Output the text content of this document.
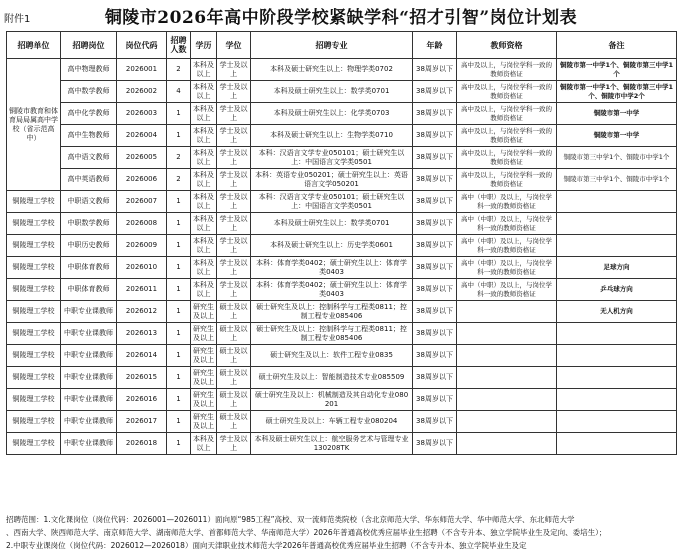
附件1	铜陵市2026年高中阶段学校紧缺学科“招才引智”岗位计划表
招聘单位	招聘岗位	岗位代码	招聘人数	学历	学位	招聘专业	年龄	教师资格	备注
铜陵市教育和体育局局属高中学校（省示范高中）	高中物理教师	2026001	2	本科及以上	学士及以上	本科及硕士研究生以上：物理学类0702	38周岁以下	高中及以上，与岗位学科一致的教师资格证	铜陵市第一中学1个、铜陵市第三中学1个
	高中数学教师	2026002	4	本科及以上	学士及以上	本科及硕士研究生以上：数学类0701	38周岁以下	高中及以上，与岗位学科一致的教师资格证	铜陵市第一中学1个、铜陵市第三中学1个、铜陵市中学2个
	高中化学教师	2026003	1	本科及以上	学士及以上	本科及硕士研究生以上：化学类0703	38周岁以下	高中及以上，与岗位学科一致的教师资格证	铜陵市第一中学
	高中生物教师	2026004	1	本科及以上	学士及以上	本科及硕士研究生以上：生物学类0710	38周岁以下	高中及以上，与岗位学科一致的教师资格证	铜陵市第一中学
	高中语文教师	2026005	2	本科及以上	学士及以上	本科：汉语言文学专业050101；硕士研究生以上：中国语言文学类0501	38周岁以下	高中及以上，与岗位学科一致的教师资格证	铜陵市第三中学1个、铜陵市中学1个
	高中英语教师	2026006	2	本科及以上	学士及以上	本科：英语专业050201；硕士研究生以上：英语语言文学050201	38周岁以下	高中及以上，与岗位学科一致的教师资格证	铜陵市第三中学1个、铜陵市中学1个
铜陵理工学校	中职语文教师	2026007	1	本科及以上	学士及以上	本科：汉语言文学专业050101；硕士研究生以上：中国语言文学类0501	38周岁以下	高中（中职）及以上，与岗位学科一致的教师资格证	
铜陵理工学校	中职数学教师	2026008	1	本科及以上	学士及以上	本科及硕士研究生以上：数学类0701	38周岁以下	高中（中职）及以上，与岗位学科一致的教师资格证	
铜陵理工学校	中职历史教师	2026009	1	本科及以上	学士及以上	本科及硕士研究生以上：历史学类0601	38周岁以下	高中（中职）及以上，与岗位学科一致的教师资格证	
铜陵理工学校	中职体育教师	2026010	1	本科及以上	学士及以上	本科：体育学类0402；硕士研究生以上：体育学类0403	38周岁以下	高中（中职）及以上，与岗位学科一致的教师资格证	足球方向
铜陵理工学校	中职体育教师	2026011	1	本科及以上	学士及以上	本科：体育学类0402；硕士研究生以上：体育学类0403	38周岁以下	高中（中职）及以上，与岗位学科一致的教师资格证	乒乓球方向
铜陵理工学校	中职专业课教师	2026012	1	研究生及以上	硕士及以上	硕士研究生及以上：控制科学与工程类0811；控制工程专业085406	38周岁以下		无人机方向
铜陵理工学校	中职专业课教师	2026013	1	研究生及以上	硕士及以上	硕士研究生及以上：控制科学与工程类0811；控制工程专业085406	38周岁以下		
铜陵理工学校	中职专业课教师	2026014	1	研究生及以上	硕士及以上	硕士研究生及以上：软件工程专业0835	38周岁以下		
铜陵理工学校	中职专业课教师	2026015	1	研究生及以上	硕士及以上	硕士研究生及以上：智能制造技术专业085509	38周岁以下		
铜陵理工学校	中职专业课教师	2026016	1	研究生及以上	硕士及以上	硕士研究生及以上：机械制造及其自动化专业080201	38周岁以下		
铜陵理工学校	中职专业课教师	2026017	1	研究生及以上	硕士及以上	硕士研究生及以上：车辆工程专业080204	38周岁以下		
铜陵理工学校	中职专业课教师	2026018	1	本科及以上	学士及以上	本科及硕士研究生以上：航空服务艺术与管理专业130208TK	38周岁以下		
招聘范围：1.文化课岗位（岗位代码：2026001—2026011）面向原“985工程”高校、双一流师范类院校（含北京师范大学、华东师范大学、华中师范大学、东北师范大学
、西南大学、陕西师范大学、南京师范大学、湖南师范大学、首都师范大学、华南师范大学）2026年普通高校优秀应届毕业生招聘（不含专升本、独立学院毕业生及定向、委培生）；
2.中职专业课岗位（岗位代码：2026012—2026018）面向天津职业技术师范大学2026年普通高校优秀应届毕业生招聘（不含专升本、独立学院毕业生及定
